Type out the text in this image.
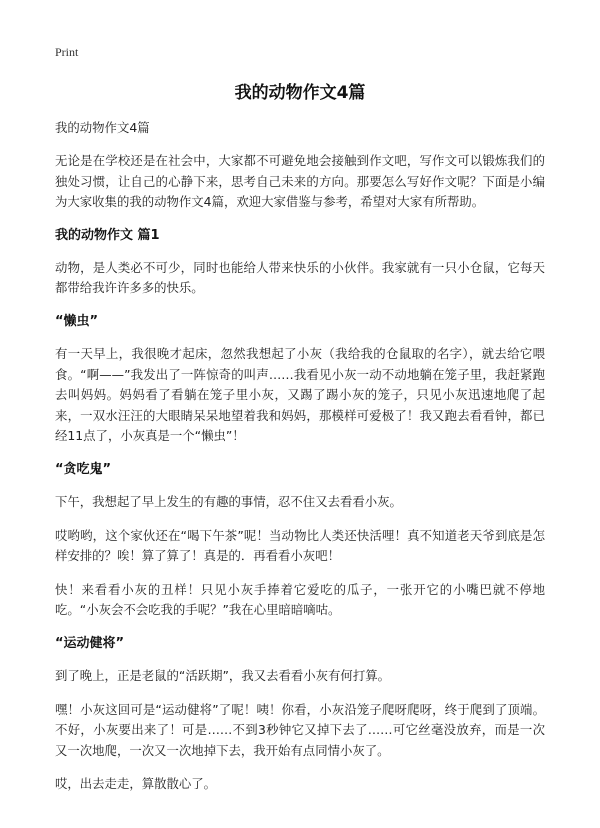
Print
我的动物作文4篇
我的动物作文4篇

无论是在学校还是在社会中，大家都不可避免地会接触到作文吧，写作文可以锻炼我们的独处习惯，让自己的心静下来，思考自己未来的方向。那要怎么写好作文呢？下面是小编为大家收集的我的动物作文4篇，欢迎大家借鉴与参考，希望对大家有所帮助。

我的动物作文 篇1

动物，是人类必不可少，同时也能给人带来快乐的小伙伴。我家就有一只小仓鼠，它每天都带给我许许多多的快乐。

“懒虫”

有一天早上，我很晚才起床，忽然我想起了小灰（我给我的仓鼠取的名字），就去给它喂食。“啊——”我发出了一阵惊奇的叫声……我看见小灰一动不动地躺在笼子里，我赶紧跑去叫妈妈。妈妈看了看躺在笼子里小灰，又踢了踢小灰的笼子，只见小灰迅速地爬了起来，一双水汪汪的大眼睛呆呆地望着我和妈妈，那模样可爱极了！我又跑去看看钟，都已经11点了，小灰真是一个“懒虫”！

“贪吃鬼”

下午，我想起了早上发生的有趣的事情，忍不住又去看看小灰。

哎哟哟，这个家伙还在“喝下午茶”呢！当动物比人类还快活哩！真不知道老天爷到底是怎样安排的？唉！算了算了！真是的．再看看小灰吧！

快！来看看小灰的丑样！只见小灰手捧着它爱吃的瓜子，一张开它的小嘴巴就不停地吃。“小灰会不会吃我的手呢？”我在心里暗暗嘀咕。

“运动健将”

到了晚上，正是老鼠的“活跃期”，我又去看看小灰有何打算。

嘿！小灰这回可是“运动健将”了呢！咦！你看，小灰沿笼子爬呀爬呀，终于爬到了顶端。不好，小灰要出来了！可是……不到3秒钟它又掉下去了……可它丝毫没放弃，而是一次又一次地爬，一次又一次地掉下去，我开始有点同情小灰了。

哎，出去走走，算散散心了。
